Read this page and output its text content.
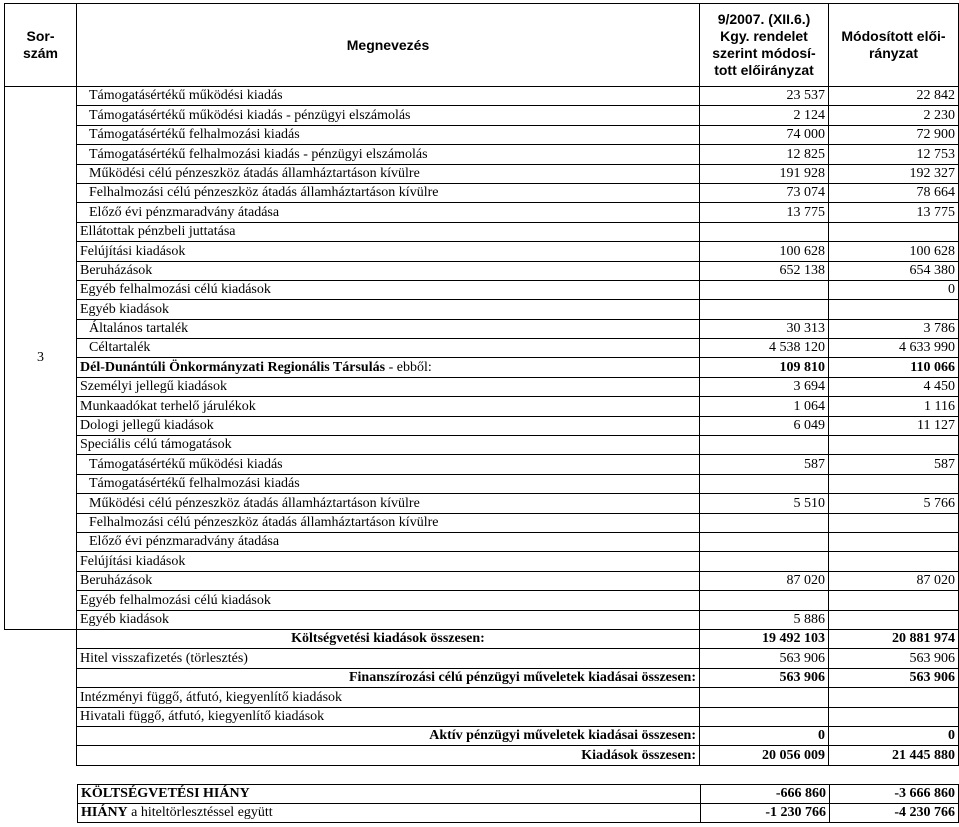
Sor-
szám	Megnevezés	9/2007. (XII.6.)
Kgy. rendelet
szerint módosí-
tott előirányzat	Módosított elői-
rányzat
3	Támogatásértékű működési kiadás	23 537	22 842
	Támogatásértékű működési kiadás - pénzügyi elszámolás	2 124	2 230
	Támogatásértékű felhalmozási kiadás	74 000	72 900
	Támogatásértékű felhalmozási kiadás - pénzügyi elszámolás	12 825	12 753
	Működési célú pénzeszköz átadás államháztartáson kívülre	191 928	192 327
	Felhalmozási célú pénzeszköz átadás államháztartáson kívülre	73 074	78 664
	Előző évi pénzmaradvány átadása	13 775	13 775
	Ellátottak pénzbeli juttatása		
	Felújítási kiadások	100 628	100 628
	Beruházások	652 138	654 380
	Egyéb felhalmozási célú kiadások		0
	Egyéb kiadások		
	Általános tartalék	30 313	3 786
	Céltartalék	4 538 120	4 633 990
	Dél-Dunántúli Önkormányzati Regionális Társulás - ebből:	109 810	110 066
	Személyi jellegű kiadások	3 694	4 450
	Munkaadókat terhelő járulékok	1 064	1 116
	Dologi jellegű kiadások	6 049	11 127
	Speciális célú támogatások		
	Támogatásértékű működési kiadás	587	587
	Támogatásértékű felhalmozási kiadás		
	Működési célú pénzeszköz átadás államháztartáson kívülre	5 510	5 766
	Felhalmozási célú pénzeszköz átadás államháztartáson kívülre		
	Előző évi pénzmaradvány átadása		
	Felújítási kiadások		
	Beruházások	87 020	87 020
	Egyéb felhalmozási célú kiadások		
	Egyéb kiadások	5 886	
	Költségvetési kiadások összesen:	19 492 103	20 881 974
	Hitel visszafizetés (törlesztés)	563 906	563 906
	Finanszírozási célú pénzügyi műveletek kiadásai összesen:	563 906	563 906
	Intézményi függő, átfutó, kiegyenlítő kiadások		
	Hivatali függő, átfutó, kiegyenlítő kiadások		
	Aktív pénzügyi műveletek kiadásai összesen:	0	0
	Kiadások összesen:	20 056 009	21 445 880
KÖLTSÉGVETÉSI HIÁNY	-666 860	-3 666 860
HIÁNY a hiteltörlesztéssel együtt	-1 230 766	-4 230 766
